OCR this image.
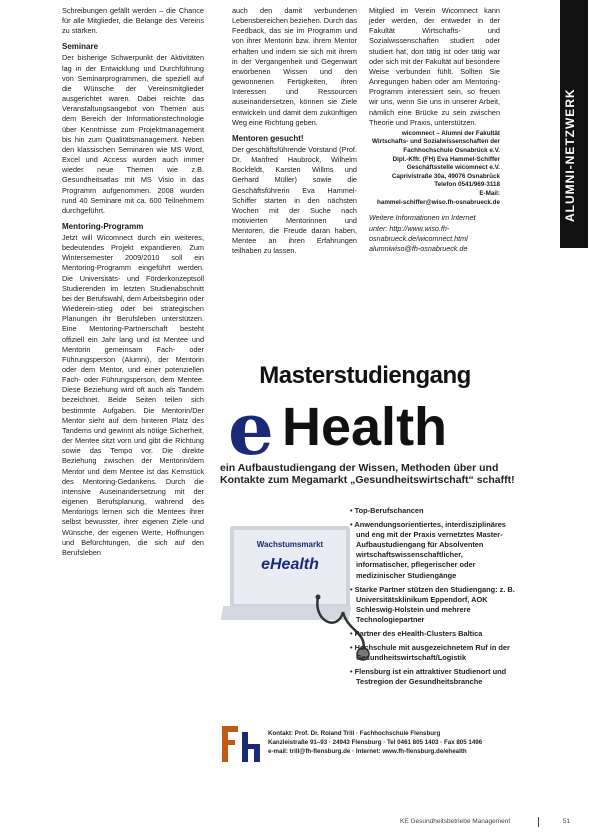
Schreibungen gefällt werden – die Chance für alle Mitglieder, die Belange des Vereins zu stärken.

Seminare

Der bisherige Schwerpunkt der Aktivitäten lag in der Entwicklung und Durchführung von Seminarprogrammen, die speziell auf die Wünsche der Vereinsmitglieder ausgerichtet waren. Dabei reichte das Veranstaltungsangebot von Themen aus dem Bereich der Informationstechnologie über Kenntnisse zum Projektmanagement bis hin zum Qualitätsmanagement. Neben den klassischen Seminaren wie MS Word, Excel und Access wurden auch immer wieder neue Themen wie z.B. Gesundheitsatlas mit MS Visio in das Programm aufgenommen. 2008 wurden rund 40 Seminare mit ca. 600 Teilnehmern durchgeführt.

Mentoring-Programm

Jetzt will Wicomnect durch ein weiteres, bedeutendes Projekt expandieren. Zum Wintersemester 2009/2010 soll ein Mentoring-Programm eingeführt werden. Die Universitäts- und Förderkonzeptsoll Studierenden im letzten Studienabschnitt bei der Berufswahl, dem Arbeitsbeginn oder Wiederein-stieg oder bei strategischen Planungen ihr Berufsleben unterstützen. Eine Mentoring-Partnerschaft besteht offiziell ein Jahr lang und ist Mentee und Mentorin gemeinsam Fach- oder Führungsperson (Alumni), der Mentorin oder dem Mentor, und einer potenziellen Fach- oder Führungsperson, dem Mentee. Diese Beziehung wird oft auch als Tandem bezeichnet. Beide Seiten teilen sich bestimmte Aufgaben. Die Mentorin/Der Mentor sieht auf dem hinteren Platz des Tandems und gewinnt als nötige Sicherheit, der Mentee sitzt vorn und gibt die Richtung sowie das Tempo vor. Die direkte Beziehung zwischen der Mentorin/dem Mentor und dem Mentee ist das Kernstück des Mentoring-Gedankens. Durch die intensive Auseinandersetzung mit der eigenen Berufsplanung, während des Mentorings lernen sich die Mentees ihrer selbst bewusster, ihrer eigenen Ziele und Wünsche, der eigenen Werte, Hoffnungen und Befürchtungen, die sich auf den Berufsleben

auch den damit verbundenen Lebensbereichen beziehen. Durch das Feedback, das sie im Programm und von ihrer Mentorin bzw. ihrem Mentor erhalten und indem sie sich mit ihrem in der Vergangenheit und Gegenwart erworbenen Wissen und den gewonnenen Fertigkeiten, ihren Interessen und Ressourcen auseinandersetzen, können sie Ziele entwickeln und damit dem zukünftigen Weg eine Richtung geben.

Mentoren gesucht!

Der geschäftsführende Vorstand (Prof. Dr. Manfred Haubrock, Wilhelm Bockfeldt, Karsten Willms und Gerhard Müller) sowie die Geschäftsführerin Eva Hammel-Schiffer starten in den nächsten Wochen mit der Suche nach motivierten Mentorinnen und Mentoren, die Freude daran haben, Mentee an ihren Erfahrungen teilhaben zu lassen.

Mitglied im Verein Wicomnect kann jeder werden, der entweder in der Fakultät Wirtschafts- und Sozialwissenschaften studiert oder studiert hat, dort tätig ist oder tätig war oder sich mit der Fakultät auf besondere Weise verbunden fühlt. Sollten Sie Anregungen haben oder am Mentoring-Programm interessiert sein, so freuen wir uns, wenn Sie uns in unserer Arbeit, nämlich eine Brücke zu sein zwischen Theorie und Praxis, unterstützen.

wicomnect – Alumni der Fakultät
Wirtschafts- und Sozialwissenschaften der
Fachhochschule Osnabrück e.V.
Dipl.-Kffr. (FH) Eva Hammel-Schiffer
Geschäftsstelle wicomnect e.V.
Caprivistraße 30a, 49076 Osnabrück
Telefon 0541/969-3118
E-Mail:
hammel-schiffer@wiso.fh-osnabrueck.de
Weitere Informationen im Internet
unter: http://www.wiso.fh-
osnabrueck.de/wicomnect.html
alumniwiso@fh-osnabrueck.de
ALUMNI-NETZWERK
Masterstudiengang
e Health
ein Aufbaustudiengang der Wissen, Methoden über und Kontakte zum Megamarkt „Gesundheitswirtschaft“ schafft!
Wachstumsmarkt
eHealth
• Top-Berufschancen
• Anwendungsorientiertes, interdisziplinäres und eng mit der Praxis vernetztes Master-Aufbaustudiengang für Absolventen wirtschaftswissenschaftlicher, informatischer, pflegerischer oder medizinischer Studiengänge
• Starke Partner stützen den Studiengang: z. B. Universitätsklinikum Eppendorf, AOK Schleswig-Holstein und mehrere Technologiepartner
• Partner des eHealth-Clusters Baltica
• Hochschule mit ausgezeichnetem Ruf in der Gesundheitswirtschaft/Logistik
• Flensburg ist ein attraktiver Studienort und Testregion der Gesundheitsbranche
Kontakt: Prof. Dr. Roland Trill · Fachhochschule Flensburg
Kanzleistraße 91–93 · 24943 Flensburg · Tel 0461 805 1403 · Fax 805 1496
e-mail: trill@fh-flensburg.de · Internet: www.fh-flensburg.de/ehealth
KE Gesundheitsbetriebe Management	51
